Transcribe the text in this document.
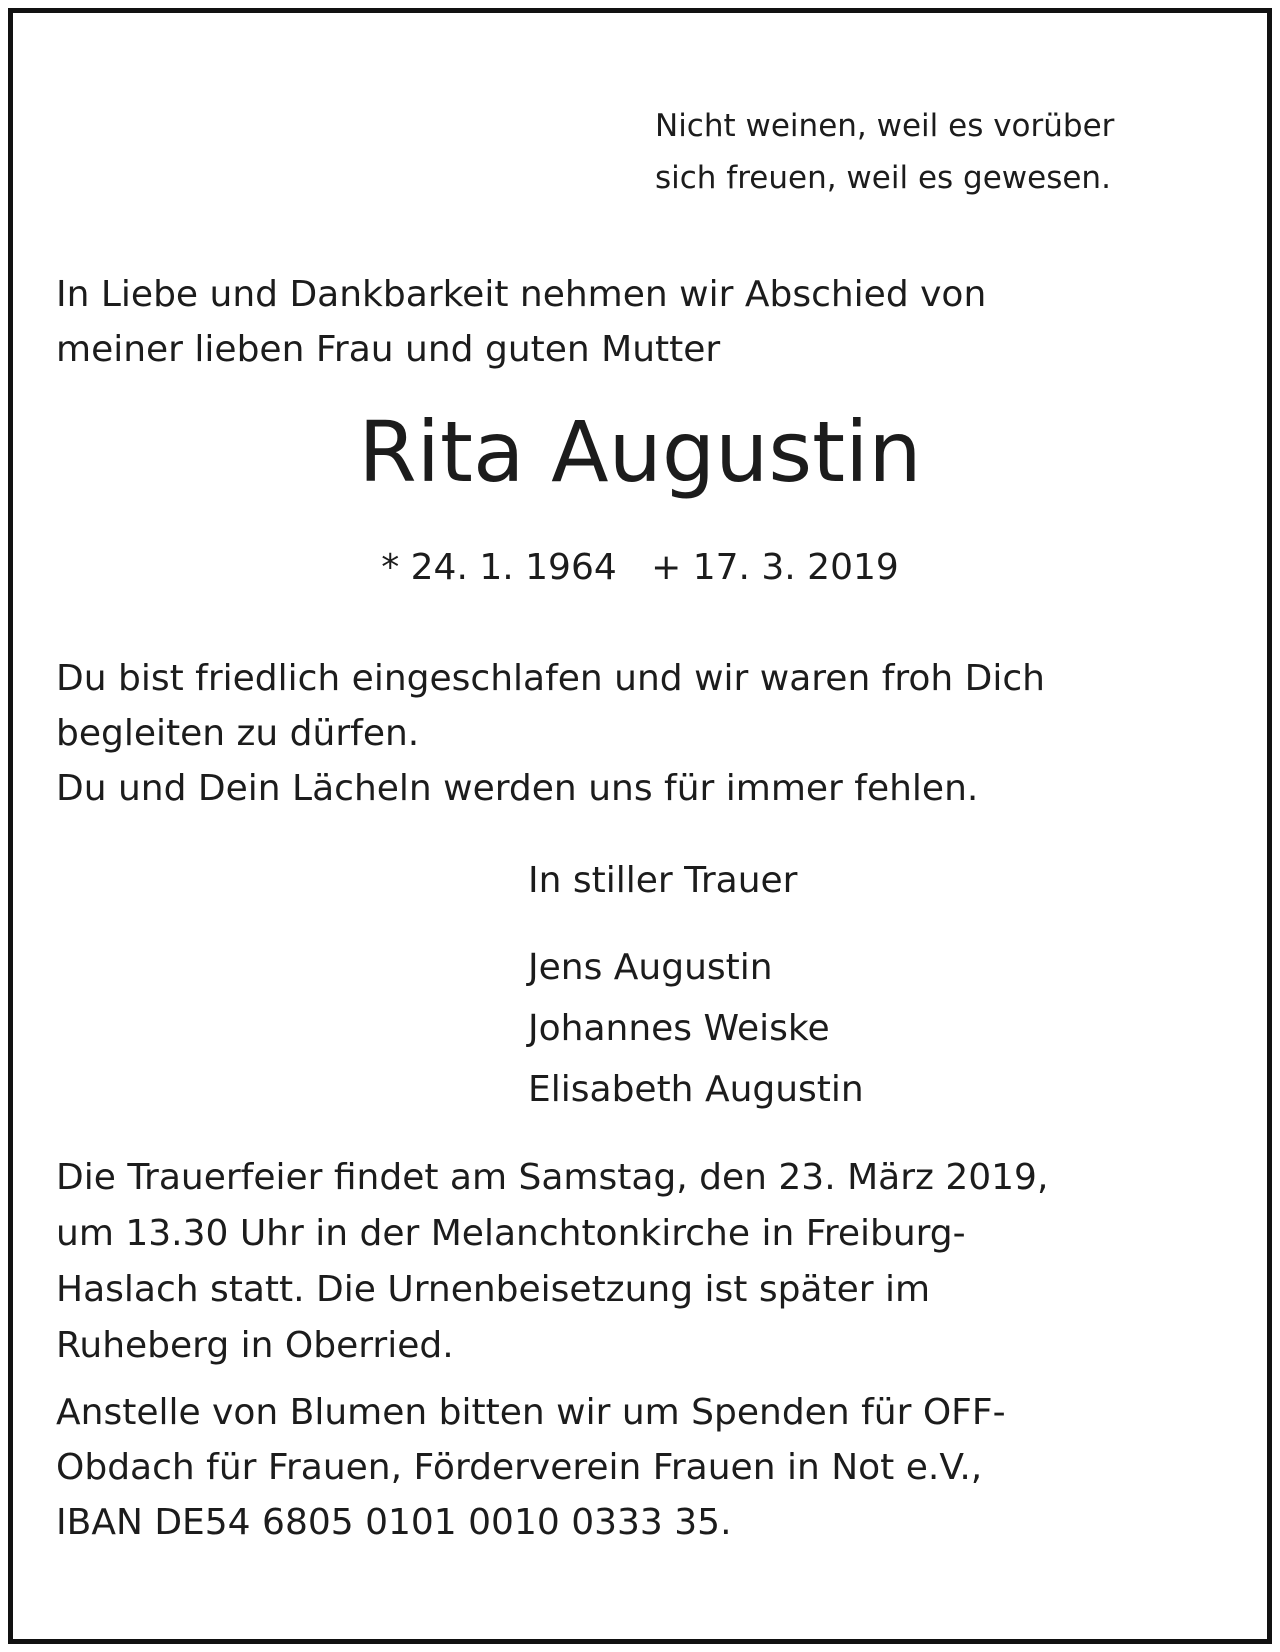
Nicht weinen, weil es vorüber
sich freuen, weil es gewesen.
In Liebe und Dankbarkeit nehmen wir Abschied von
meiner lieben Frau und guten Mutter
Rita Augustin
* 24. 1. 1964   + 17. 3. 2019
Du bist friedlich eingeschlafen und wir waren froh Dich
begleiten zu dürfen.
Du und Dein Lächeln werden uns für immer fehlen.
In stiller Trauer
Jens Augustin
Johannes Weiske
Elisabeth Augustin
Die Trauerfeier findet am Samstag, den 23. März 2019,
um 13.30 Uhr in der Melanchtonkirche in Freiburg-
Haslach statt. Die Urnenbeisetzung ist später im
Ruheberg in Oberried.
Anstelle von Blumen bitten wir um Spenden für OFF-
Obdach für Frauen, Förderverein Frauen in Not e.V.,
IBAN DE54 6805 0101 0010 0333 35.
